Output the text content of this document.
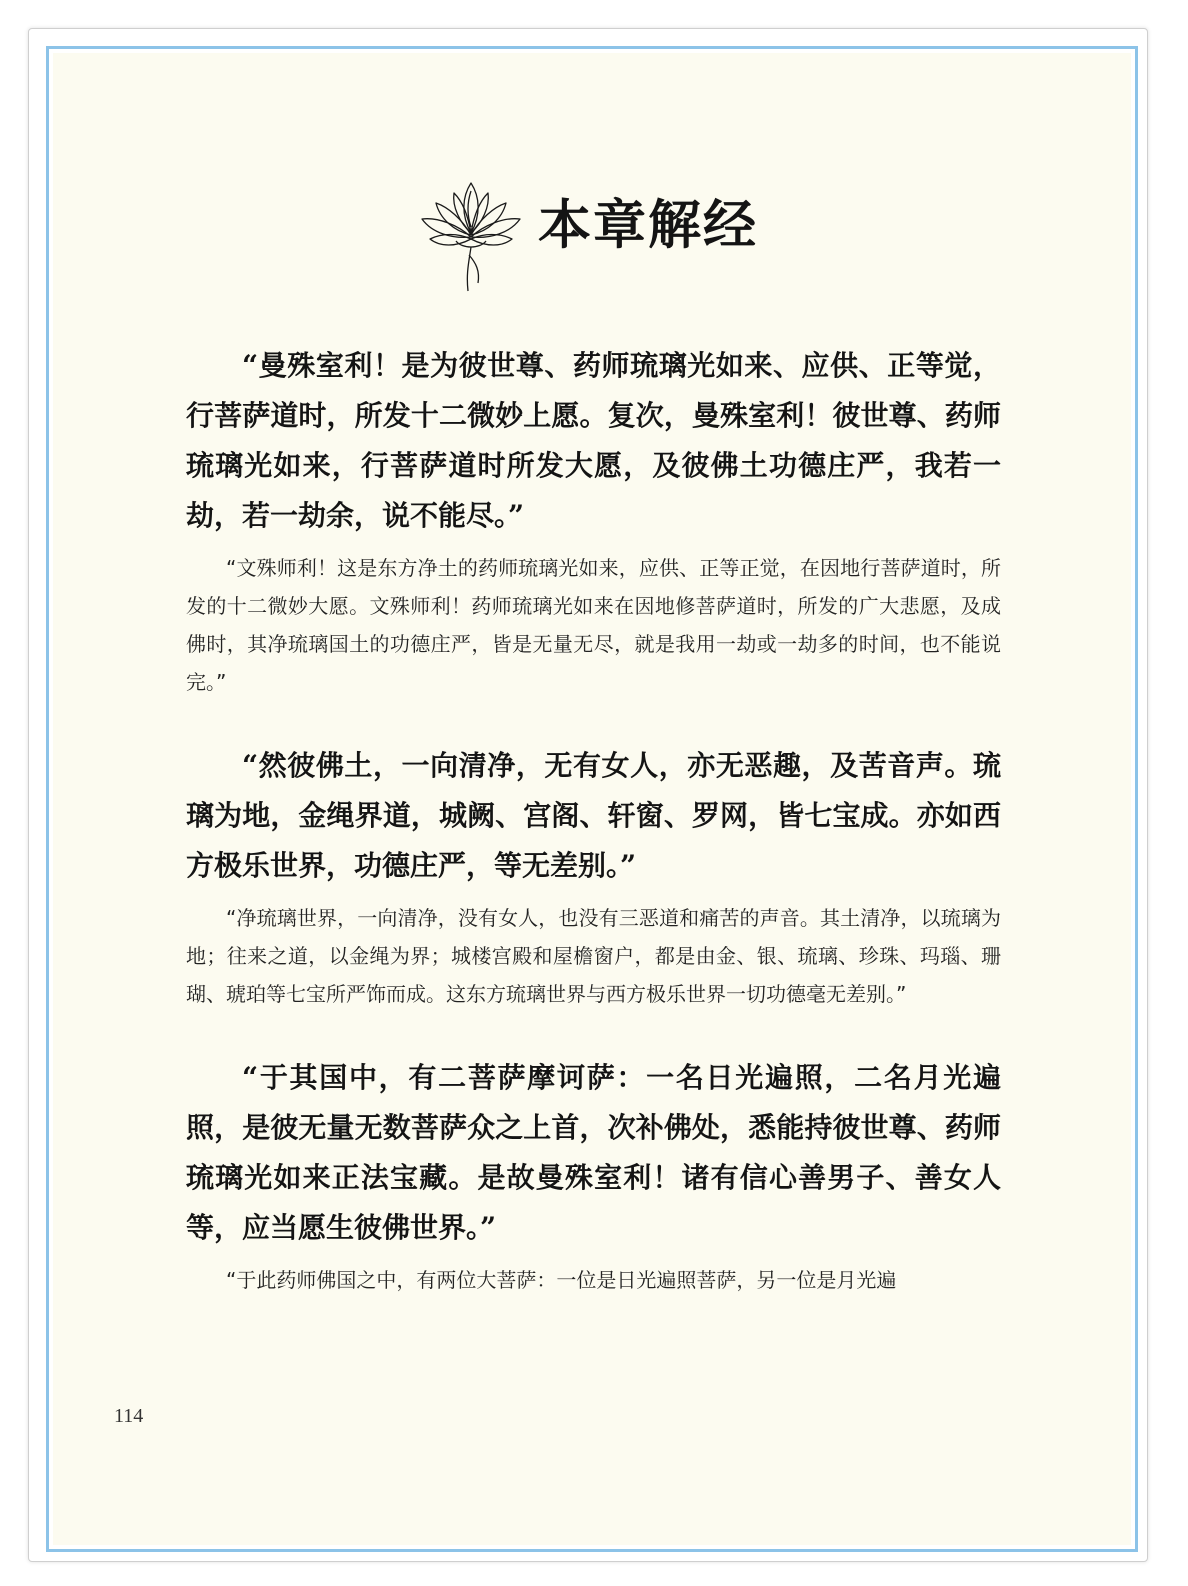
本章解经

“曼殊室利！是为彼世尊、药师琉璃光如来、应供、正等觉，行菩萨道时，所发十二微妙上愿。复次，曼殊室利！彼世尊、药师琉璃光如来，行菩萨道时所发大愿，及彼佛土功德庄严，我若一劫，若一劫余，说不能尽。”

“文殊师利！这是东方净土的药师琉璃光如来，应供、正等正觉，在因地行菩萨道时，所发的十二微妙大愿。文殊师利！药师琉璃光如来在因地修菩萨道时，所发的广大悲愿，及成佛时，其净琉璃国土的功德庄严，皆是无量无尽，就是我用一劫或一劫多的时间，也不能说完。”

“然彼佛土，一向清净，无有女人，亦无恶趣，及苦音声。琉璃为地，金绳界道，城阙、宫阁、轩窗、罗网，皆七宝成。亦如西方极乐世界，功德庄严，等无差别。”

“净琉璃世界，一向清净，没有女人，也没有三恶道和痛苦的声音。其土清净，以琉璃为地；往来之道，以金绳为界；城楼宫殿和屋檐窗户，都是由金、银、琉璃、珍珠、玛瑙、珊瑚、琥珀等七宝所严饰而成。这东方琉璃世界与西方极乐世界一切功德毫无差别。”

“于其国中，有二菩萨摩诃萨：一名日光遍照，二名月光遍照，是彼无量无数菩萨众之上首，次补佛处，悉能持彼世尊、药师琉璃光如来正法宝藏。是故曼殊室利！诸有信心善男子、善女人等，应当愿生彼佛世界。”

“于此药师佛国之中，有两位大菩萨：一位是日光遍照菩萨，另一位是月光遍

114
